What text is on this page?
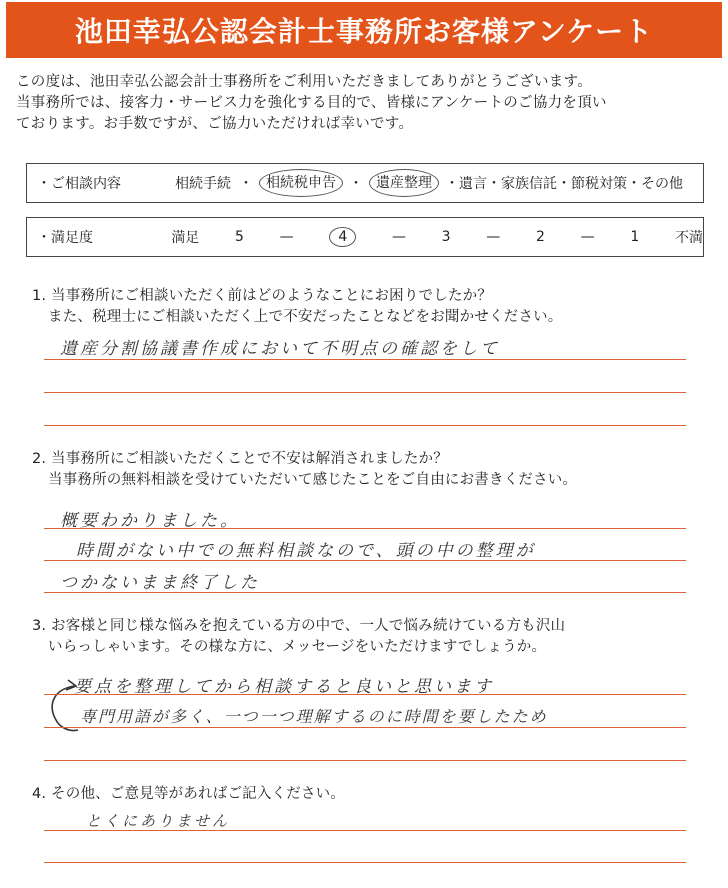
池田幸弘公認会計士事務所お客様アンケート

この度は、池田幸弘公認会計士事務所をご利用いただきましてありがとうございます。

当事務所では、接客力・サービス力を強化する目的で、皆様にアンケートのご協力を頂い

ております。お手数ですが、ご協力いただければ幸いです。

・ご相談内容	相続手続 ・ 相続税申告 ・ 遺産整理 ・遺言・家族信託・節税対策・その他
・満足度	満足	5	—	4	—	3	—	2	—	1	不満

1. 当事務所にご相談いただく前はどのようなことにお困りでしたか？

また、税理士にご相談いただく上で不安だったことなどをお聞かせください。

遺産分割協議書作成において不明点の確認をして

2. 当事務所にご相談いただくことで不安は解消されましたか？

当事務所の無料相談を受けていただいて感じたことをご自由にお書きください。

概要わかりました。
時間がない中での無料相談なので、頭の中の整理が
つかないまま終了した

3. お客様と同じ様な悩みを抱えている方の中で、一人で悩み続けている方も沢山

いらっしゃいます。その様な方に、メッセージをいただけますでしょうか。

要点を整理してから相談すると良いと思います
専門用語が多く、一つ一つ理解するのに時間を要したため

4. その他、ご意見等があればご記入ください。

とくにありません
